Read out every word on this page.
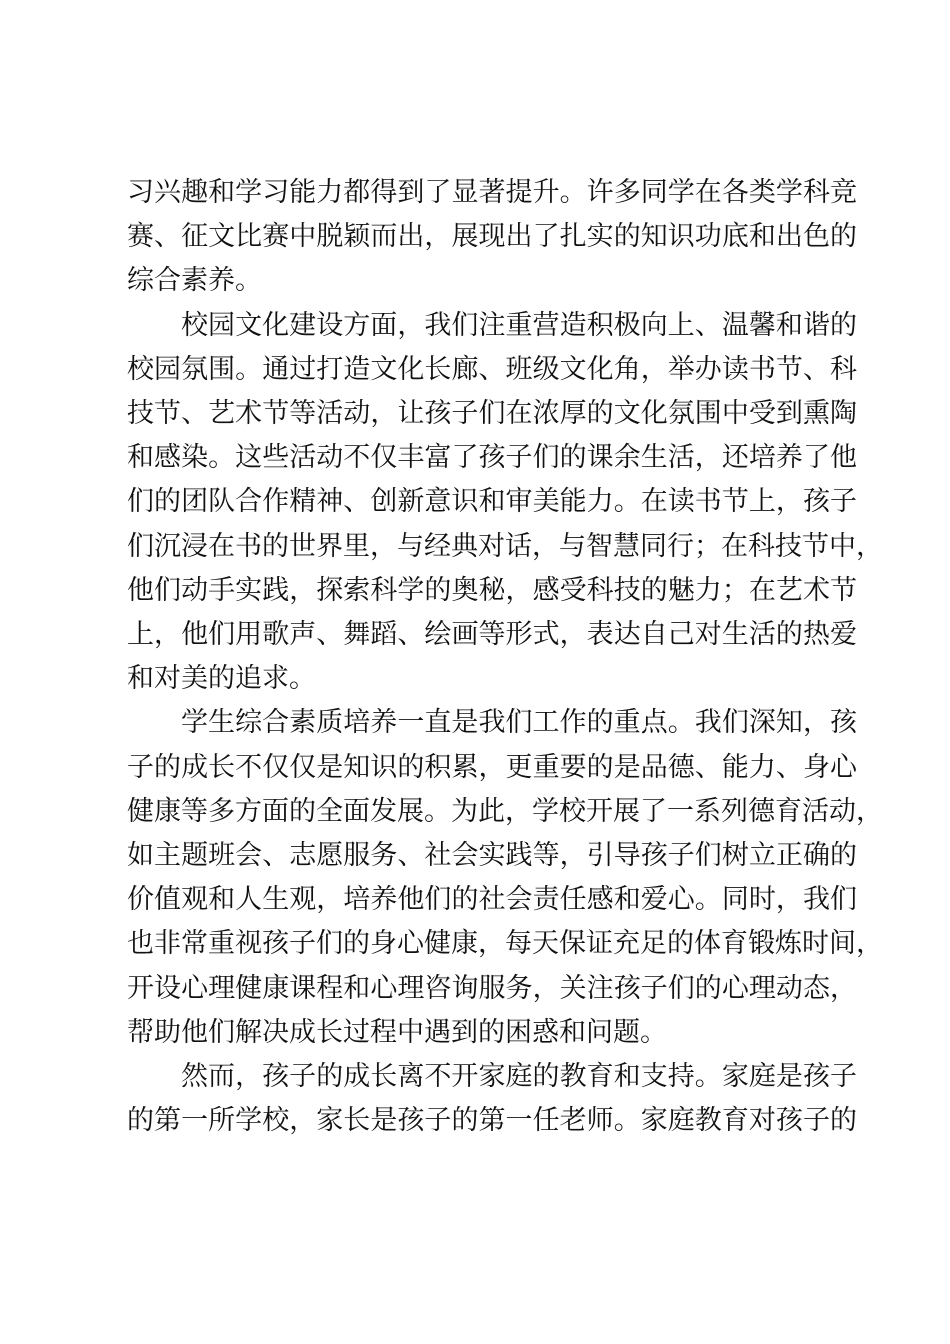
习兴趣和学习能力都得到了显著提升。许多同学在各类学科竞
赛、征文比赛中脱颖而出，展现出了扎实的知识功底和出色的
综合素养。
校园文化建设方面，我们注重营造积极向上、温馨和谐的
校园氛围。通过打造文化长廊、班级文化角，举办读书节、科
技节、艺术节等活动，让孩子们在浓厚的文化氛围中受到熏陶
和感染。这些活动不仅丰富了孩子们的课余生活，还培养了他
们的团队合作精神、创新意识和审美能力。在读书节上，孩子
们沉浸在书的世界里，与经典对话，与智慧同行；在科技节中，
他们动手实践，探索科学的奥秘，感受科技的魅力；在艺术节
上，他们用歌声、舞蹈、绘画等形式，表达自己对生活的热爱
和对美的追求。
学生综合素质培养一直是我们工作的重点。我们深知，孩
子的成长不仅仅是知识的积累，更重要的是品德、能力、身心
健康等多方面的全面发展。为此，学校开展了一系列德育活动，
如主题班会、志愿服务、社会实践等，引导孩子们树立正确的
价值观和人生观，培养他们的社会责任感和爱心。同时，我们
也非常重视孩子们的身心健康，每天保证充足的体育锻炼时间，
开设心理健康课程和心理咨询服务，关注孩子们的心理动态，
帮助他们解决成长过程中遇到的困惑和问题。
然而，孩子的成长离不开家庭的教育和支持。家庭是孩子
的第一所学校，家长是孩子的第一任老师。家庭教育对孩子的
